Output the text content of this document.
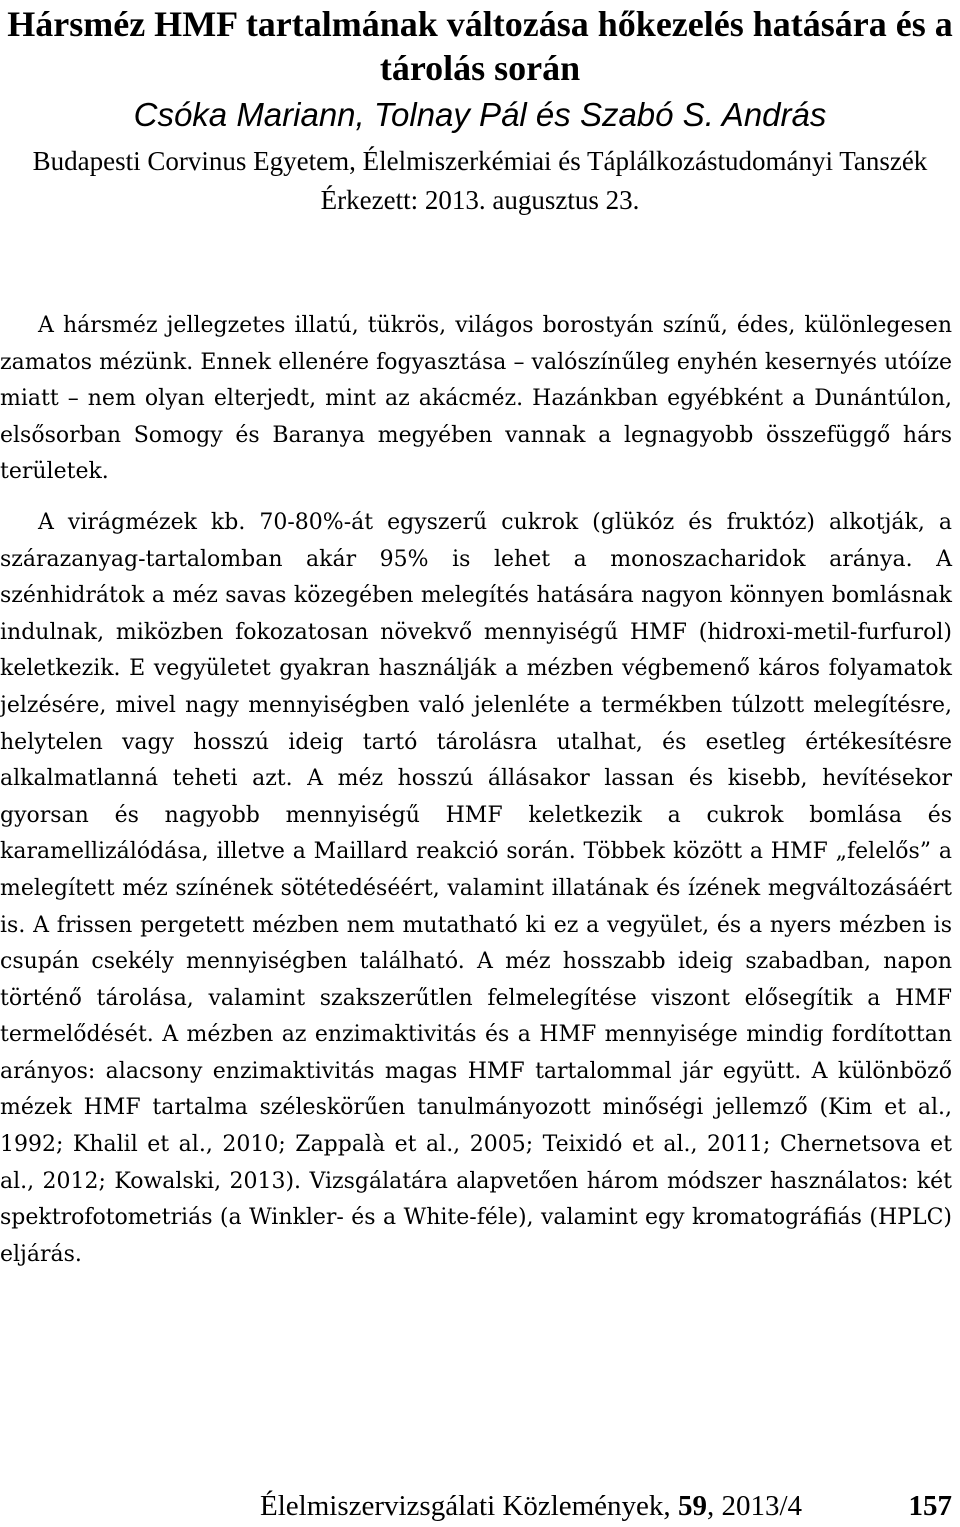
Hársméz HMF tartalmának változása hőkezelés hatására és a tárolás során
Csóka Mariann, Tolnay Pál és Szabó S. András
Budapesti Corvinus Egyetem, Élelmiszerkémiai és Táplálkozástudományi Tanszék
Érkezett: 2013. augusztus 23.

A hársméz jellegzetes illatú, tükrös, világos borostyán színű, édes, különlegesen zamatos mézünk. Ennek ellenére fogyasztása – valószínűleg enyhén kesernyés utóíze miatt – nem olyan elterjedt, mint az akácméz. Hazánkban egyébként a Dunántúlon, elsősorban Somogy és Baranya megyében vannak a legnagyobb összefüggő hárs területek.

A virágmézek kb. 70-80%-át egyszerű cukrok (glükóz és fruktóz) alkotják, a szárazanyag-tartalomban akár 95% is lehet a monoszacharidok aránya. A szénhidrátok a méz savas közegében melegítés hatására nagyon könnyen bomlásnak indulnak, miközben fokozatosan növekvő mennyiségű HMF (hidroxi-metil-furfurol) keletkezik. E vegyületet gyakran használják a mézben végbemenő káros folyamatok jelzésére, mivel nagy mennyiségben való jelenléte a termékben túlzott melegítésre, helytelen vagy hosszú ideig tartó tárolásra utalhat, és esetleg értékesítésre alkalmatlanná teheti azt. A méz hosszú állásakor lassan és kisebb, hevítésekor gyorsan és nagyobb mennyiségű HMF keletkezik a cukrok bomlása és karamellizálódása, illetve a Maillard reakció során. Többek között a HMF „felelős” a melegített méz színének sötétedéséért, valamint illatának és ízének megváltozásáért is. A frissen pergetett mézben nem mutatható ki ez a vegyület, és a nyers mézben is csupán csekély mennyiségben található. A méz hosszabb ideig szabadban, napon történő tárolása, valamint szakszerűtlen felmelegítése viszont elősegítik a HMF termelődését. A mézben az enzimaktivitás és a HMF mennyisége mindig fordítottan arányos: alacsony enzimaktivitás magas HMF tartalommal jár együtt. A különböző mézek HMF tartalma széleskörűen tanulmányozott minőségi jellemző (Kim et al., 1992; Khalil et al., 2010; Zappalà et al., 2005; Teixidó et al., 2011; Chernetsova et al., 2012; Kowalski, 2013). Vizsgálatára alapvetően három módszer használatos: két spektrofotometriás (a Winkler- és a White-féle), valamint egy kromatográfiás (HPLC) eljárás.

Élelmiszervizsgálati Közlemények, 59, 2013/4	157
